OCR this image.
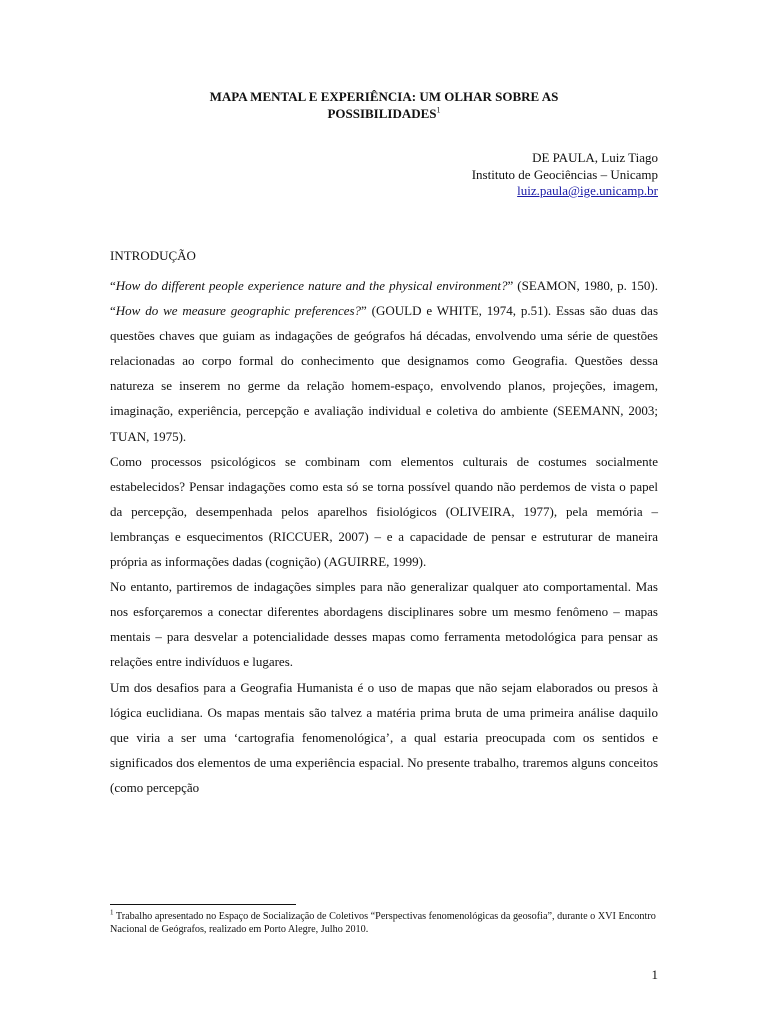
MAPA MENTAL E EXPERIÊNCIA: UM OLHAR SOBRE AS
POSSIBILIDADES$^1$
DE PAULA, Luiz Tiago
Instituto de Geociências – Unicamp
luiz.paula@ige.unicamp.br
INTRODUÇÃO

“How do different people experience nature and the physical environment?” (SEAMON, 1980, p. 150). “How do we measure geographic preferences?” (GOULD e WHITE, 1974, p.51). Essas são duas das questões chaves que guiam as indagações de geógrafos há décadas, envolvendo uma série de questões relacionadas ao corpo formal do conhecimento que designamos como Geografia. Questões dessa natureza se inserem no germe da relação homem-espaço, envolvendo planos, projeções, imagem, imaginação, experiência, percepção e avaliação individual e coletiva do ambiente (SEEMANN, 2003; TUAN, 1975).

Como processos psicológicos se combinam com elementos culturais de costumes socialmente estabelecidos? Pensar indagações como esta só se torna possível quando não perdemos de vista o papel da percepção, desempenhada pelos aparelhos fisiológicos (OLIVEIRA, 1977), pela memória – lembranças e esquecimentos (RICCUER, 2007) – e a capacidade de pensar e estruturar de maneira própria as informações dadas (cognição) (AGUIRRE, 1999).

No entanto, partiremos de indagações simples para não generalizar qualquer ato comportamental. Mas nos esforçaremos a conectar diferentes abordagens disciplinares sobre um mesmo fenômeno – mapas mentais – para desvelar a potencialidade desses mapas como ferramenta metodológica para pensar as relações entre indivíduos e lugares.

Um dos desafios para a Geografia Humanista é o uso de mapas que não sejam elaborados ou presos à lógica euclidiana. Os mapas mentais são talvez a matéria prima bruta de uma primeira análise daquilo que viria a ser uma ‘cartografia fenomenológica’, a qual estaria preocupada com os sentidos e significados dos elementos de uma experiência espacial. No presente trabalho, traremos alguns conceitos (como percepção

$^1$ Trabalho apresentado no Espaço de Socialização de Coletivos “Perspectivas fenomenológicas da geosofia”, durante o XVI Encontro Nacional de Geógrafos, realizado em Porto Alegre, Julho 2010.
1
